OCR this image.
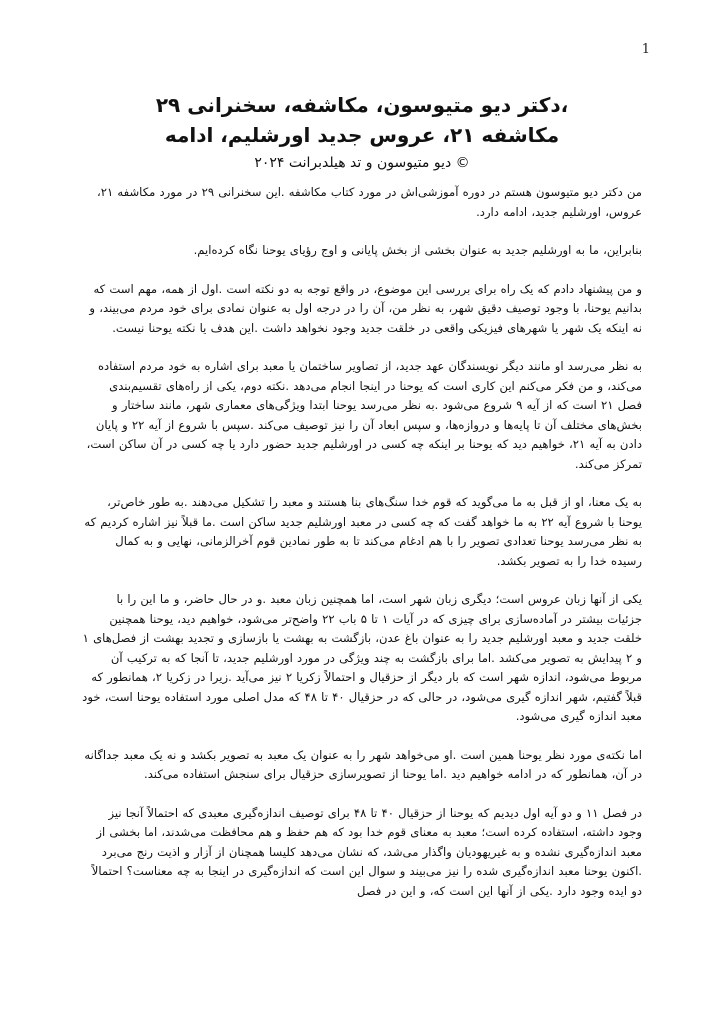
1

،دکتر دیو متیوسون، مکاشفه، سخنرانی ۲۹

مکاشفه ۲۱، عروس جدید اورشلیم، ادامه

© دیو متیوسون و تد هیلدبرانت ۲۰۲۴

من دکتر دیو متیوسون هستم در دوره آموزشی‌اش در مورد کتاب مکاشفه .این سخنرانی ۲۹ در مورد مکاشفه ۲۱، عروس، اورشلیم جدید، ادامه دارد.

بنابراین، ما به اورشلیم جدید به عنوان بخشی از بخش پایانی و اوج رؤیای یوحنا نگاه کرده‌ایم.

و من پیشنهاد دادم که یک راه برای بررسی این موضوع، در واقع توجه به دو نکته است .اول از همه، مهم است که بدانیم یوحنا، با وجود توصیف دقیق شهر، به نظر من، آن را در درجه اول به عنوان نمادی برای خود مردم می‌بیند، و نه اینکه یک شهر یا شهرهای فیزیکی واقعی در خلقت جدید وجود نخواهد داشت .این هدف یا نکته یوحنا نیست.

به نظر می‌رسد او مانند دیگر نویسندگان عهد جدید، از تصاویر ساختمان یا معبد برای اشاره به خود مردم استفاده می‌کند، و من فکر می‌کنم این کاری است که یوحنا در اینجا انجام می‌دهد .نکته دوم، یکی از راه‌های تقسیم‌بندی فصل ۲۱ است که از آیه ۹ شروع می‌شود .به نظر می‌رسد یوحنا ابتدا ویژگی‌های معماری شهر، مانند ساختار و بخش‌های مختلف آن تا پایه‌ها و دروازه‌ها، و سپس ابعاد آن را نیز توصیف می‌کند .سپس با شروع از آیه ۲۲ و پایان دادن به آیه ۲۱، خواهیم دید که یوحنا بر اینکه چه کسی در اورشلیم جدید حضور دارد یا چه کسی در آن ساکن است، تمرکز می‌کند.

به یک معنا، او از قبل به ما می‌گوید که قوم خدا سنگ‌های بنا هستند و معبد را تشکیل می‌دهند .به طور خاص‌تر، یوحنا با شروع آیه ۲۲ به ما خواهد گفت که چه کسی در معبد اورشلیم جدید ساکن است .ما قبلاً نیز اشاره کردیم که به نظر می‌رسد یوحنا تعدادی تصویر را با هم ادغام می‌کند تا به طور نمادین قوم آخرالزمانی، نهایی و به کمال رسیده خدا را به تصویر بکشد.

یکی از آنها زبان عروس است؛ دیگری زبان شهر است، اما همچنین زبان معبد .و در حال حاضر، و ما این را با جزئیات بیشتر در آماده‌سازی برای چیزی که در آیات ۱ تا ۵ باب ۲۲ واضح‌تر می‌شود، خواهیم دید، یوحنا همچنین خلقت جدید و معبد اورشلیم جدید را به عنوان باغ عدن، بازگشت به بهشت یا بازسازی و تجدید بهشت از فصل‌های ۱ و ۲ پیدایش به تصویر می‌کشد .اما برای بازگشت به چند ویژگی در مورد اورشلیم جدید، تا آنجا که به ترکیب آن مربوط می‌شود، اندازه شهر است که بار دیگر از حزقیال و احتمالاً زکریا ۲ نیز می‌آید .زیرا در زکریا ۲، همانطور که قبلاً گفتیم، شهر اندازه گیری می‌شود، در حالی که در حزقیال ۴۰ تا ۴۸ که مدل اصلی مورد استفاده یوحنا است، خود معبد اندازه گیری می‌شود.

اما نکته‌ی مورد نظر یوحنا همین است .او می‌خواهد شهر را به عنوان یک معبد به تصویر بکشد و نه یک معبد جداگانه در آن، همانطور که در ادامه خواهیم دید .اما یوحنا از تصویرسازی حزقیال برای سنجش استفاده می‌کند.

در فصل ۱۱ و دو آیه اول دیدیم که یوحنا از حزقیال ۴۰ تا ۴۸ برای توصیف اندازه‌گیری معبدی که احتمالاً آنجا نیز وجود داشته، استفاده کرده است؛ معبد به معنای قوم خدا بود که هم حفظ و هم محافظت می‌شدند، اما بخشی از معبد اندازه‌گیری نشده و به غیریهودیان واگذار می‌شد، که نشان می‌دهد کلیسا همچنان از آزار و اذیت رنج می‌برد .اکنون یوحنا معبد اندازه‌گیری شده را نیز می‌بیند و سوال این است که اندازه‌گیری در اینجا به چه معناست؟ احتمالاً دو ایده وجود دارد .یکی از آنها این است که، و این در فصل
